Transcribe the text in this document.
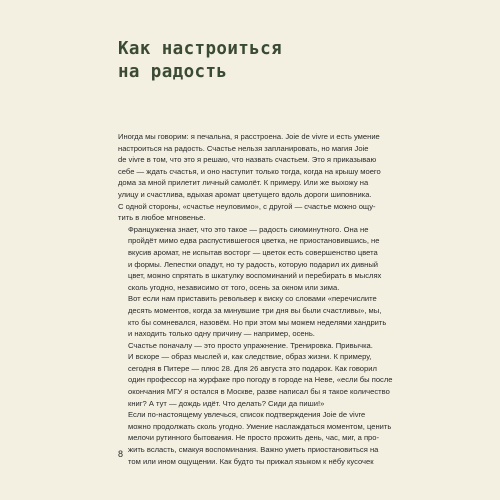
Как настроиться
на радость

Иногда мы говорим: я печальна, я расстроена. Joie de vivre и есть умение
настроиться на радость. Счастье нельзя запланировать, но магия Joie
de vivre в том, что это я решаю, что назвать счастьем. Это я приказываю
себе — ждать счастья, и оно наступит только тогда, когда на крышу моего
дома за мной прилетит личный самолёт. К примеру. Или же выхожу на
улицу и счастлива, вдыхая аромат цветущего вдоль дороги шиповника.
С одной стороны, «счастье неуловимо», с другой — счастье можно ощу-
тить в любое мгновенье.

Француженка знает, что это такое — радость сиюминутного. Она не
пройдёт мимо едва распустившегося цветка, не приостановившись, не
вкусив аромат, не испытав восторг — цветок есть совершенство цвета
и формы. Лепестки опадут, но ту радость, которую подарил их дивный
цвет, можно спрятать в шкатулку воспоминаний и перебирать в мыслях
сколь угодно, независимо от того, осень за окном или зима.

Вот если нам приставить револьвер к виску со словами «перечислите
десять моментов, когда за минувшие три дня вы были счастливы», мы,
кто бы сомневался, назовём. Но при этом мы можем неделями хандрить
и находить только одну причину — например, осень.

Счастье поначалу — это просто упражнение. Тренировка. Привычка.
И вскоре — образ мыслей и, как следствие, образ жизни. К примеру,
сегодня в Питере — плюс 28. Для 26 августа это подарок. Как говорил
один профессор на журфаке про погоду в городе на Неве, «если бы после
окончания МГУ я остался в Москве, разве написал бы я такое количество
книг? А тут — дождь идёт. Что делать? Сиди да пиши!»

Если по-настоящему увлечься, список подтверждения Joie de vivre
можно продолжать сколь угодно. Умение наслаждаться моментом, ценить
мелочи рутинного бытования. Не просто прожить день, час, миг, а про-
жить всласть, смакуя воспоминания. Важно уметь приостановиться на
том или ином ощущении. Как будто ты прижал языком к нёбу кусочек

8
